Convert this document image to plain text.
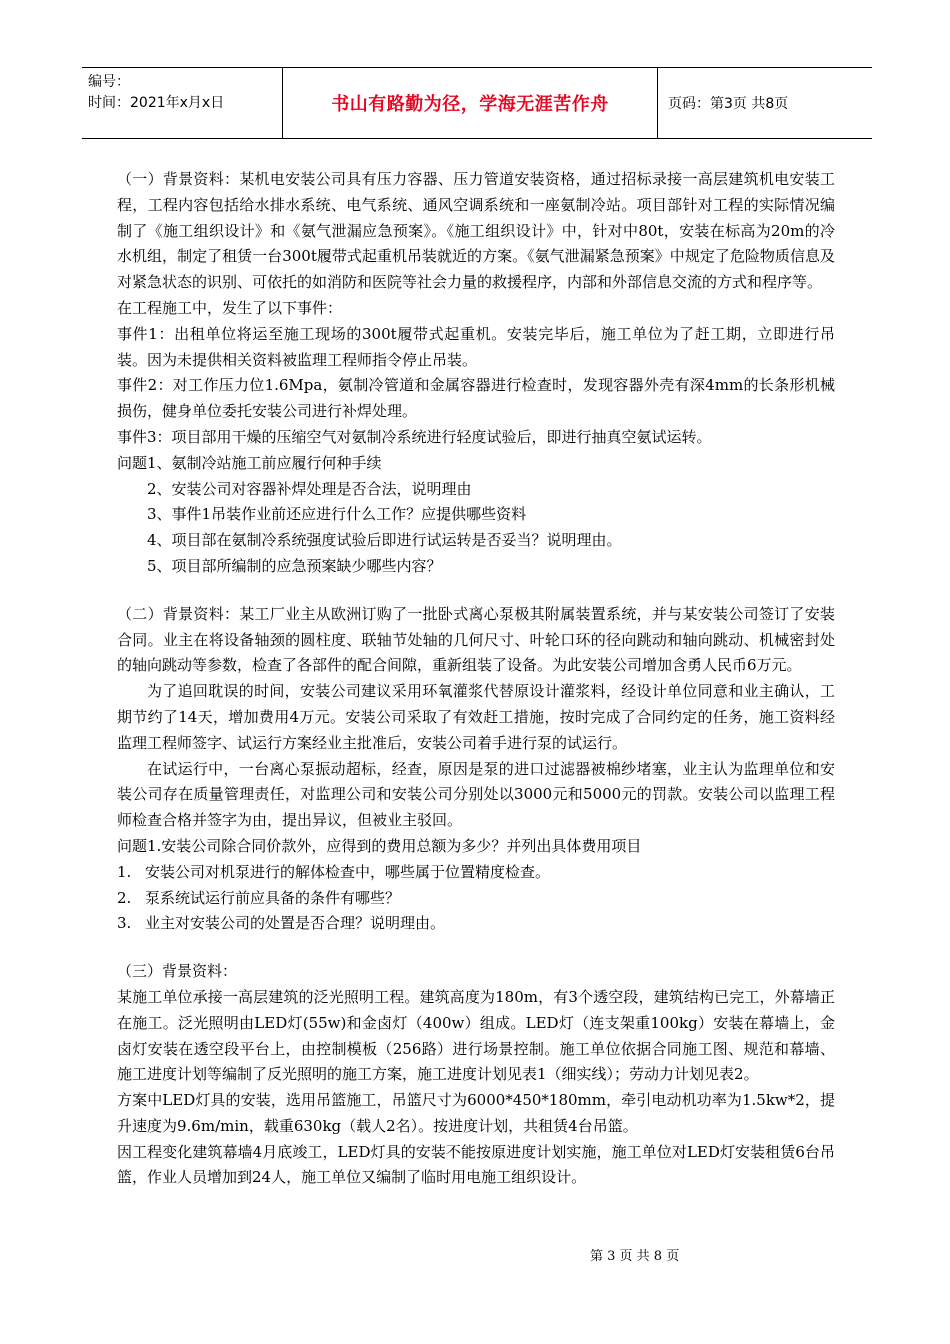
编号：
时间：2021年x月x日	书山有路勤为径，学海无涯苦作舟	页码：第3页 共8页

（一）背景资料：某机电安装公司具有压力容器、压力管道安装资格，通过招标录接一高层建筑机电安装工程，工程内容包括给水排水系统、电气系统、通风空调系统和一座氨制冷站。项目部针对工程的实际情况编制了《施工组织设计》和《氨气泄漏应急预案》。《施工组织设计》中，针对中80t，安装在标高为20m的冷水机组，制定了租赁一台300t履带式起重机吊装就近的方案。《氨气泄漏紧急预案》中规定了危险物质信息及对紧急状态的识别、可依托的如消防和医院等社会力量的救援程序，内部和外部信息交流的方式和程序等。

在工程施工中，发生了以下事件：

事件1：出租单位将运至施工现场的300t履带式起重机。安装完毕后，施工单位为了赶工期，立即进行吊装。因为未提供相关资料被监理工程师指令停止吊装。

事件2：对工作压力位1.6Mpa，氨制冷管道和金属容器进行检查时，发现容器外壳有深4mm的长条形机械损伤，健身单位委托安装公司进行补焊处理。

事件3：项目部用干燥的压缩空气对氨制冷系统进行轻度试验后，即进行抽真空氨试运转。

问题1、氨制冷站施工前应履行何种手续

2、安装公司对容器补焊处理是否合法，说明理由

3、事件1吊装作业前还应进行什么工作？应提供哪些资料

4、项目部在氨制冷系统强度试验后即进行试运转是否妥当？说明理由。

5、项目部所编制的应急预案缺少哪些内容？

（二）背景资料：某工厂业主从欧洲订购了一批卧式离心泵极其附属装置系统，并与某安装公司签订了安装合同。业主在将设备轴颈的圆柱度、联轴节处轴的几何尺寸、叶轮口环的径向跳动和轴向跳动、机械密封处的轴向跳动等参数，检查了各部件的配合间隙，重新组装了设备。为此安装公司增加含勇人民币6万元。

为了追回耽误的时间，安装公司建议采用环氧灌浆代替原设计灌浆料，经设计单位同意和业主确认，工期节约了14天，增加费用4万元。安装公司采取了有效赶工措施，按时完成了合同约定的任务，施工资料经监理工程师签字、试运行方案经业主批准后，安装公司着手进行泵的试运行。

在试运行中，一台离心泵振动超标，经查，原因是泵的进口过滤器被棉纱堵塞，业主认为监理单位和安装公司存在质量管理责任，对监理公司和安装公司分别处以3000元和5000元的罚款。安装公司以监理工程师检查合格并签字为由，提出异议，但被业主驳回。

问题1.安装公司除合同价款外，应得到的费用总额为多少？并列出具体费用项目

1. 安装公司对机泵进行的解体检查中，哪些属于位置精度检查。
2. 泵系统试运行前应具备的条件有哪些？
3. 业主对安装公司的处置是否合理？说明理由。

（三）背景资料：

某施工单位承接一高层建筑的泛光照明工程。建筑高度为180m，有3个透空段，建筑结构已完工，外幕墙正在施工。泛光照明由LED灯(55w)和金卤灯（400w）组成。LED灯（连支架重100kg）安装在幕墙上，金卤灯安装在透空段平台上，由控制模板（256路）进行场景控制。施工单位依据合同施工图、规范和幕墙、施工进度计划等编制了反光照明的施工方案，施工进度计划见表1（细实线）；劳动力计划见表2。

方案中LED灯具的安装，选用吊篮施工，吊篮尺寸为6000*450*180mm，牵引电动机功率为1.5kw*2，提升速度为9.6m/min，载重630kg（载人2名）。按进度计划，共租赁4台吊篮。

因工程变化建筑幕墙4月底竣工，LED灯具的安装不能按原进度计划实施，施工单位对LED灯安装租赁6台吊篮，作业人员增加到24人，施工单位又编制了临时用电施工组织设计。

第 3 页 共 8 页
